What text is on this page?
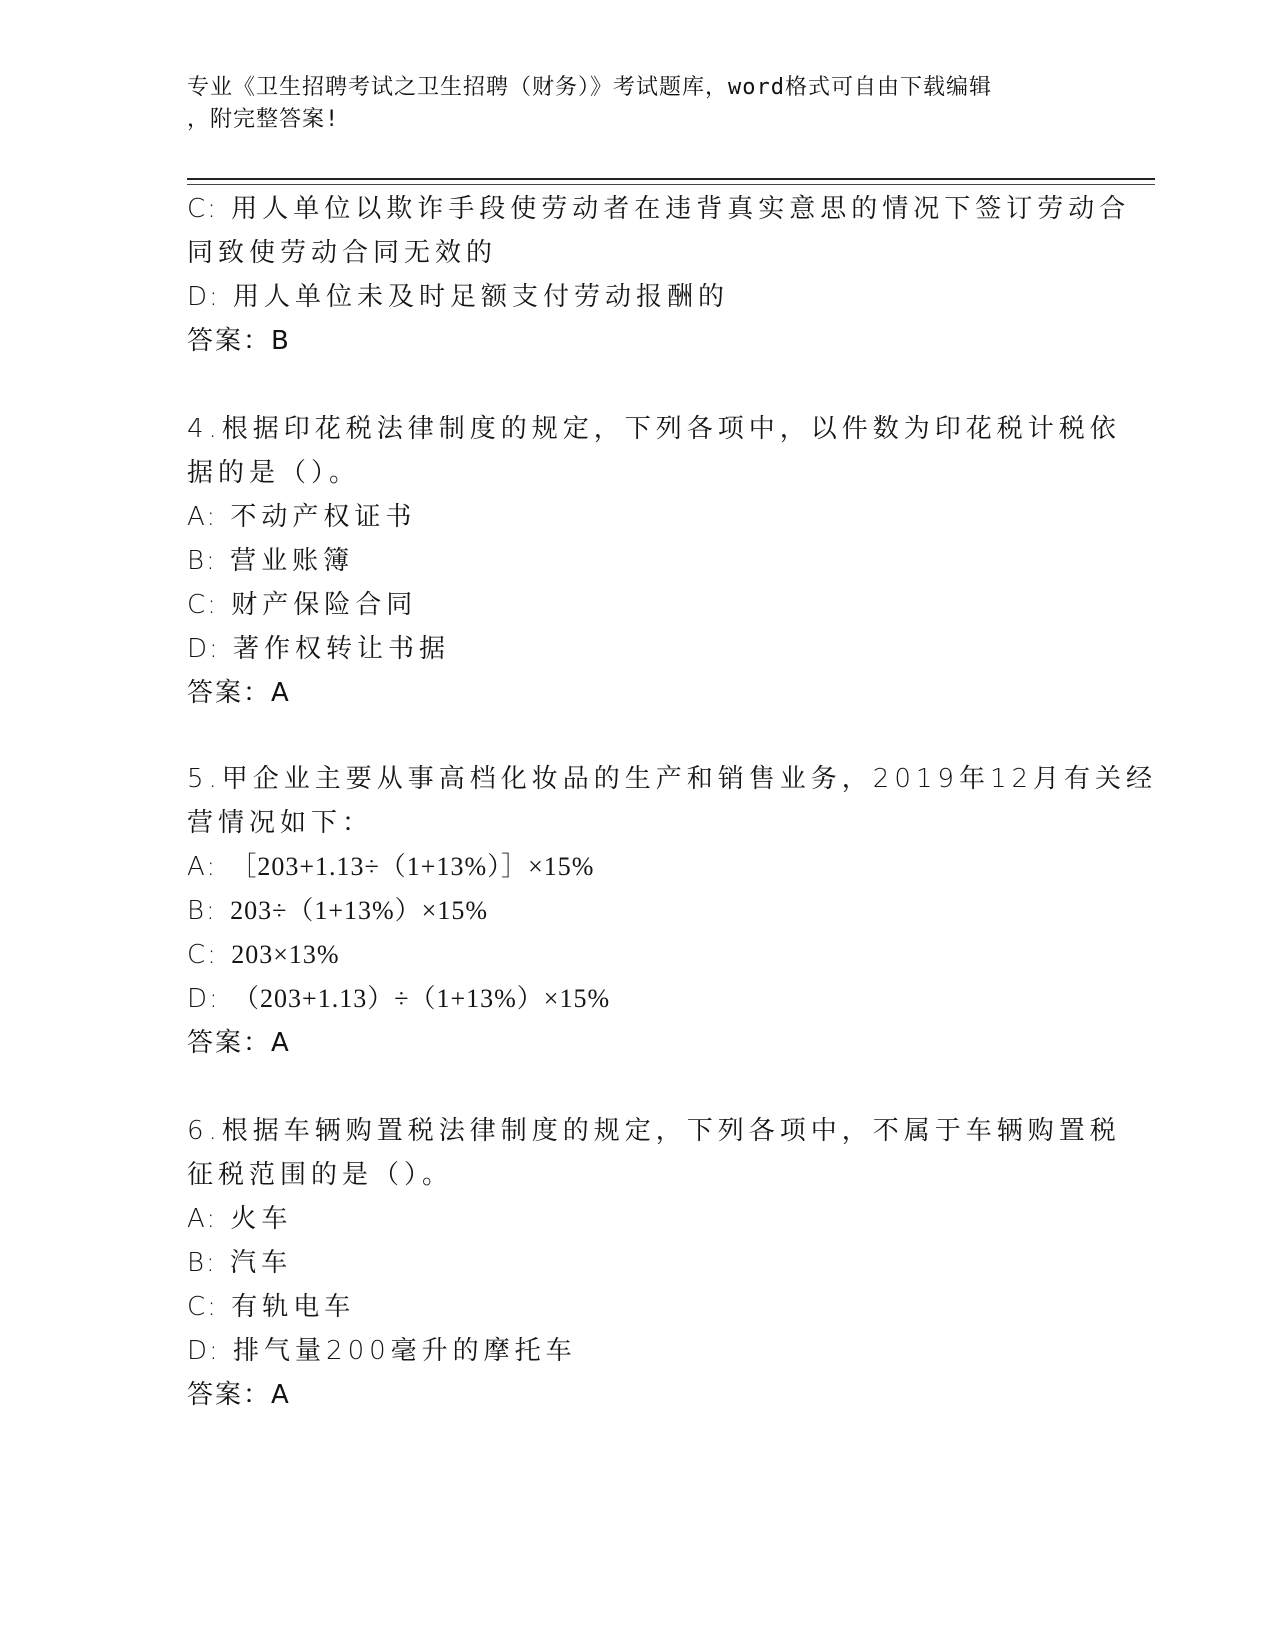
专业《卫生招聘考试之卫生招聘（财务）》考试题库，word格式可自由下载编辑
，附完整答案!
C: 用人单位以欺诈手段使劳动者在违背真实意思的情况下签订劳动合
同致使劳动合同无效的
D: 用人单位未及时足额支付劳动报酬的
答案：B
4.根据印花税法律制度的规定，下列各项中，以件数为印花税计税依
据的是（）。
A: 不动产权证书
B: 营业账簿
C: 财产保险合同
D: 著作权转让书据
答案：A
5.甲企业主要从事高档化妆品的生产和销售业务，2019年12月有关经
营情况如下：
A: ［203+1.13÷（1+13%）］×15%
B: 203÷（1+13%）×15%
C: 203×13%
D: （203+1.13）÷（1+13%）×15%
答案：A
6.根据车辆购置税法律制度的规定，下列各项中，不属于车辆购置税
征税范围的是（）。
A: 火车
B: 汽车
C: 有轨电车
D: 排气量200毫升的摩托车
答案：A
